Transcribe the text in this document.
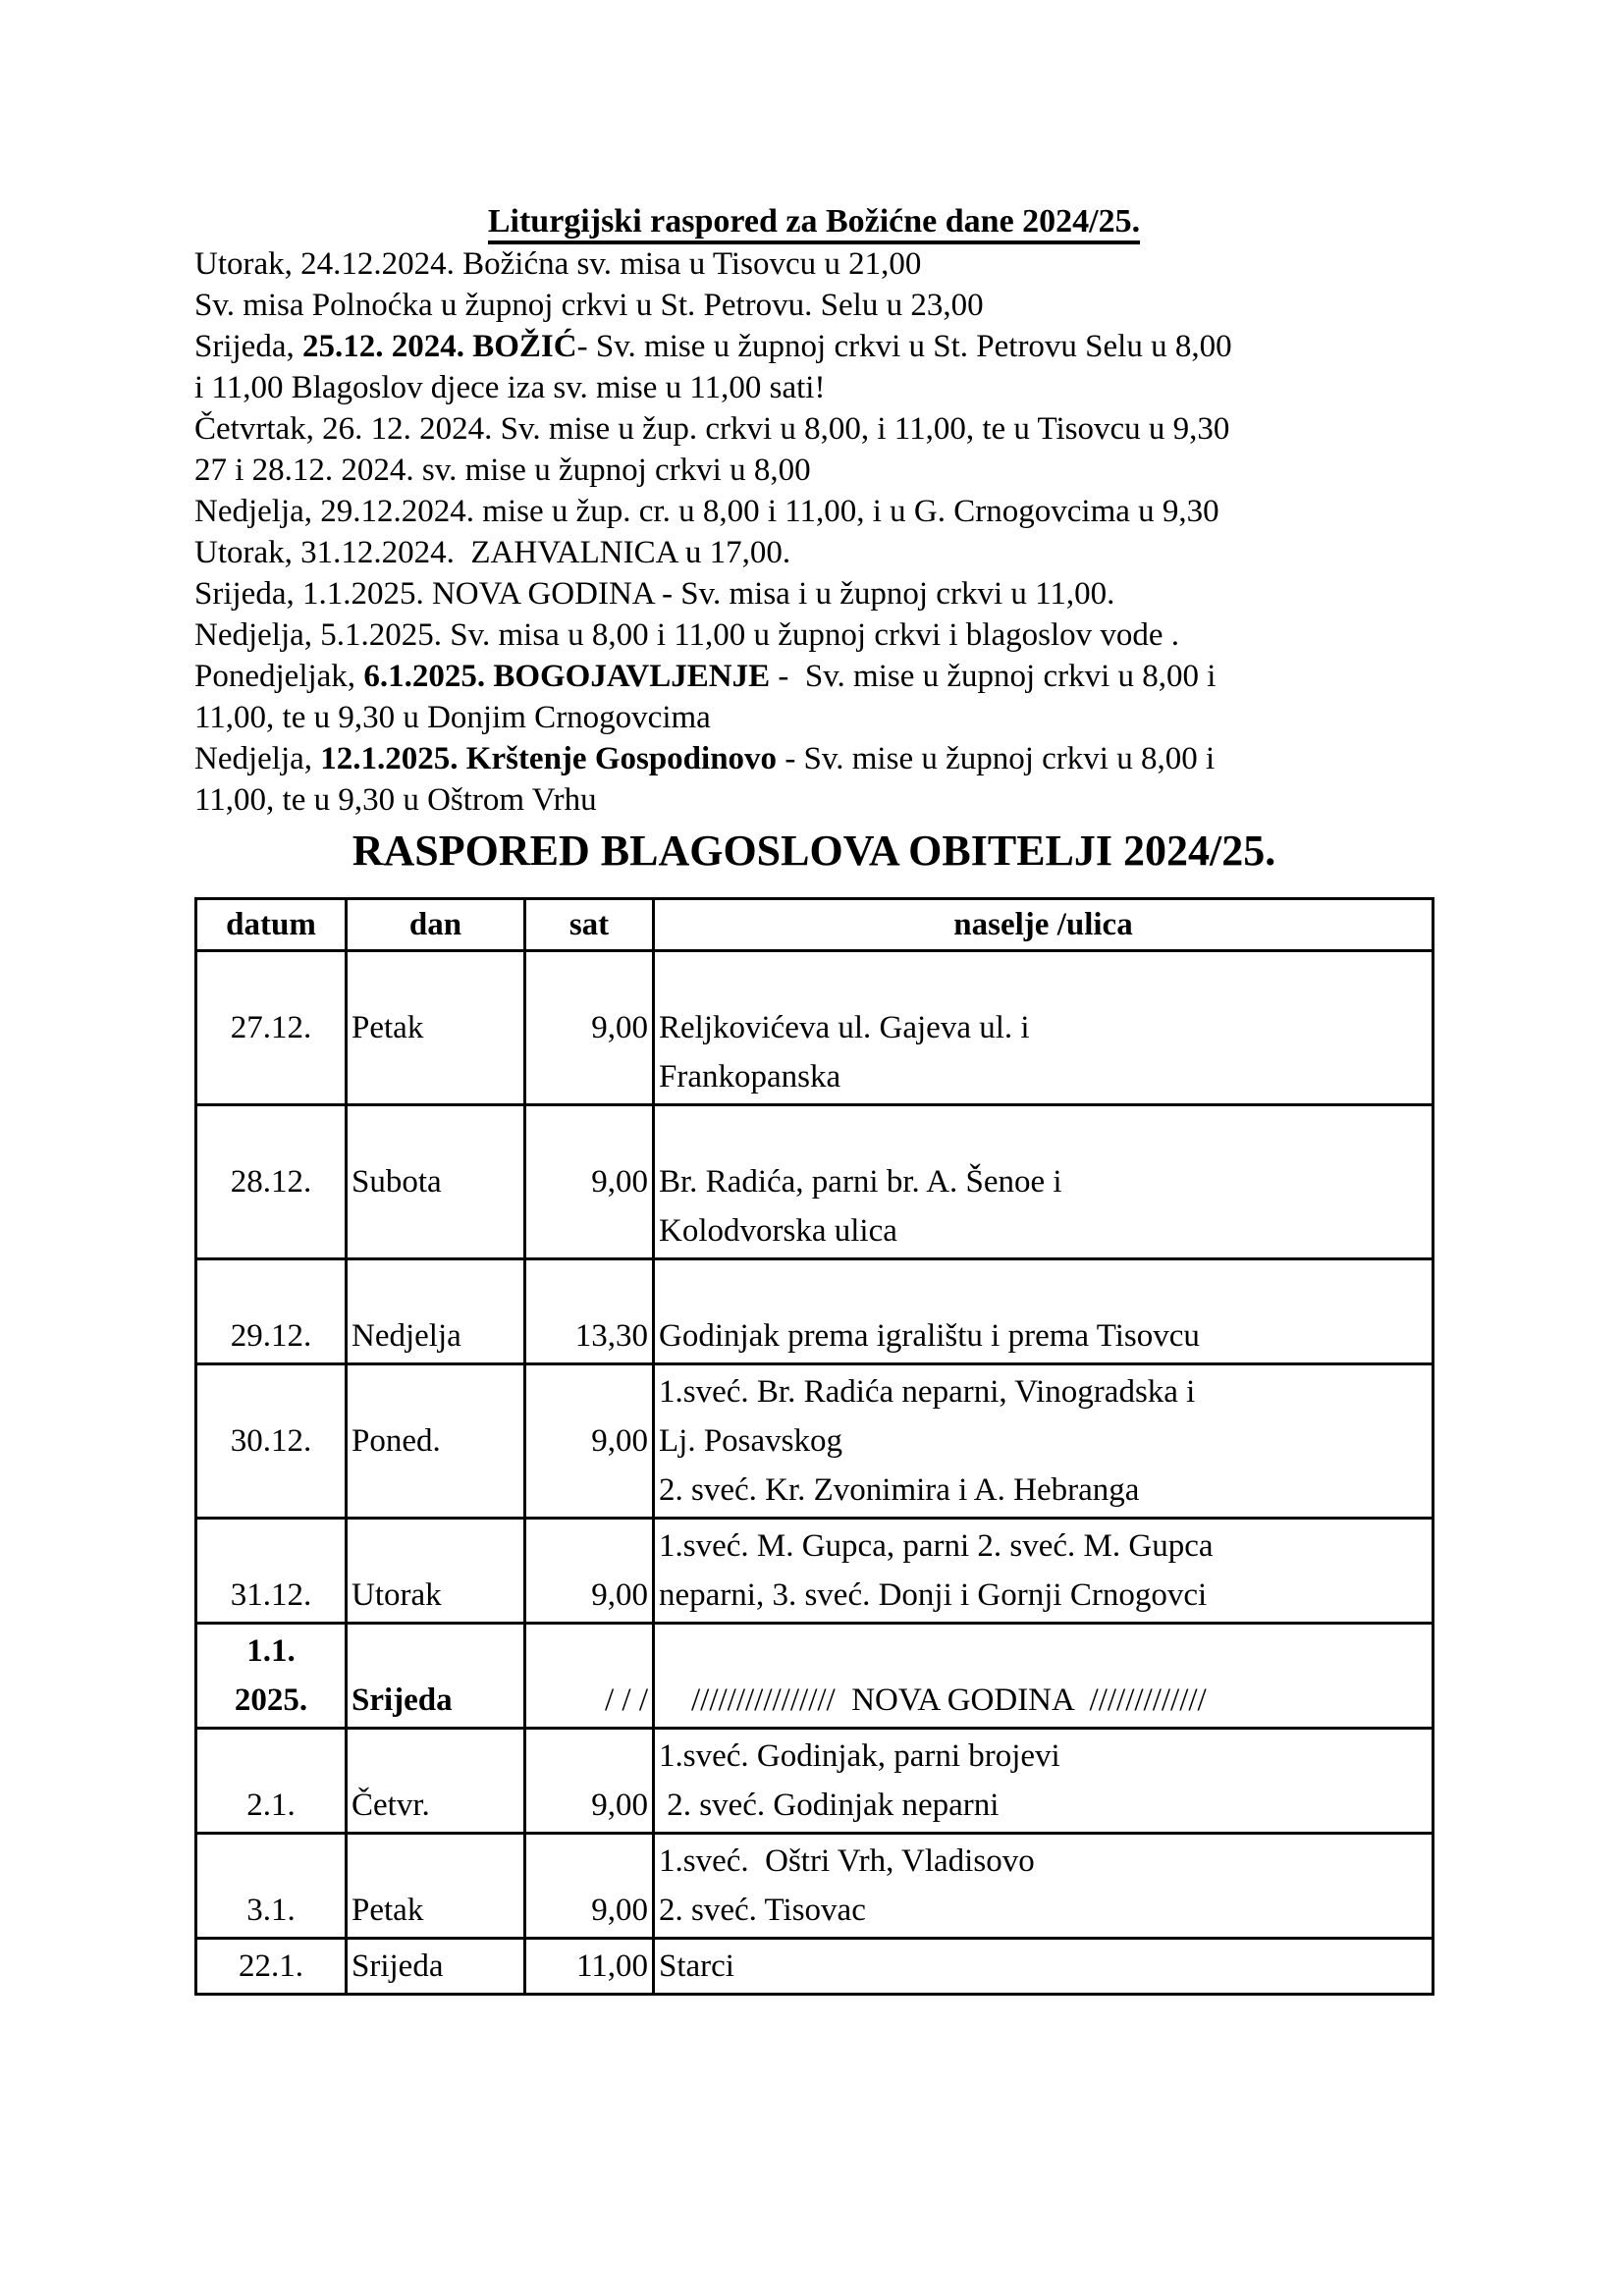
Liturgijski raspored za Božićne dane 2024/25.

Utorak, 24.12.2024. Božićna sv. misa u Tisovcu u 21,00

Sv. misa Polnoćka u župnoj crkvi u St. Petrovu. Selu u 23,00

Srijeda, 25.12. 2024. BOŽIĆ- Sv. mise u župnoj crkvi u St. Petrovu Selu u 8,00

i 11,00 Blagoslov djece iza sv. mise u 11,00 sati!

Četvrtak, 26. 12. 2024. Sv. mise u žup. crkvi u 8,00, i 11,00, te u Tisovcu u 9,30

27 i 28.12. 2024. sv. mise u župnoj crkvi u 8,00

Nedjelja, 29.12.2024. mise u žup. cr. u 8,00 i 11,00, i u G. Crnogovcima u 9,30

Utorak, 31.12.2024.  ZAHVALNICA u 17,00.

Srijeda, 1.1.2025. NOVA GODINA - Sv. misa i u župnoj crkvi u 11,00.

Nedjelja, 5.1.2025. Sv. misa u 8,00 i 11,00 u župnoj crkvi i blagoslov vode .

Ponedjeljak, 6.1.2025. BOGOJAVLJENJE -  Sv. mise u župnoj crkvi u 8,00 i

11,00, te u 9,30 u Donjim Crnogovcima

Nedjelja, 12.1.2025. Krštenje Gospodinovo - Sv. mise u župnoj crkvi u 8,00 i

11,00, te u 9,30 u Oštrom Vrhu

RASPORED BLAGOSLOVA OBITELJI 2024/25.

datum	dan	sat	naselje /ulica
27.12.	Petak	9,00	Reljkovićeva ul. Gajeva ul. i
Frankopanska
28.12.	Subota	9,00	Br. Radića, parni br. A. Šenoe i
Kolodvorska ulica
29.12.	Nedjelja	13,30	Godinjak prema igralištu i prema Tisovcu
30.12.	Poned.	9,00	1.sveć. Br. Radića neparni, Vinogradska i
Lj. Posavskog
2. sveć. Kr. Zvonimira i A. Hebranga
31.12.	Utorak	9,00	1.sveć. M. Gupca, parni 2. sveć. M. Gupca
neparni, 3. sveć. Donji i Gornji Crnogovci
1.1.
2025.	Srijeda	/ / /	////////////////  NOVA GODINA  /////////////
2.1.	Četvr.	9,00	1.sveć. Godinjak, parni brojevi
2. sveć. Godinjak neparni
3.1.	Petak	9,00	1.sveć.  Oštri Vrh, Vladisovo
2. sveć. Tisovac
22.1.	Srijeda	11,00	Starci
